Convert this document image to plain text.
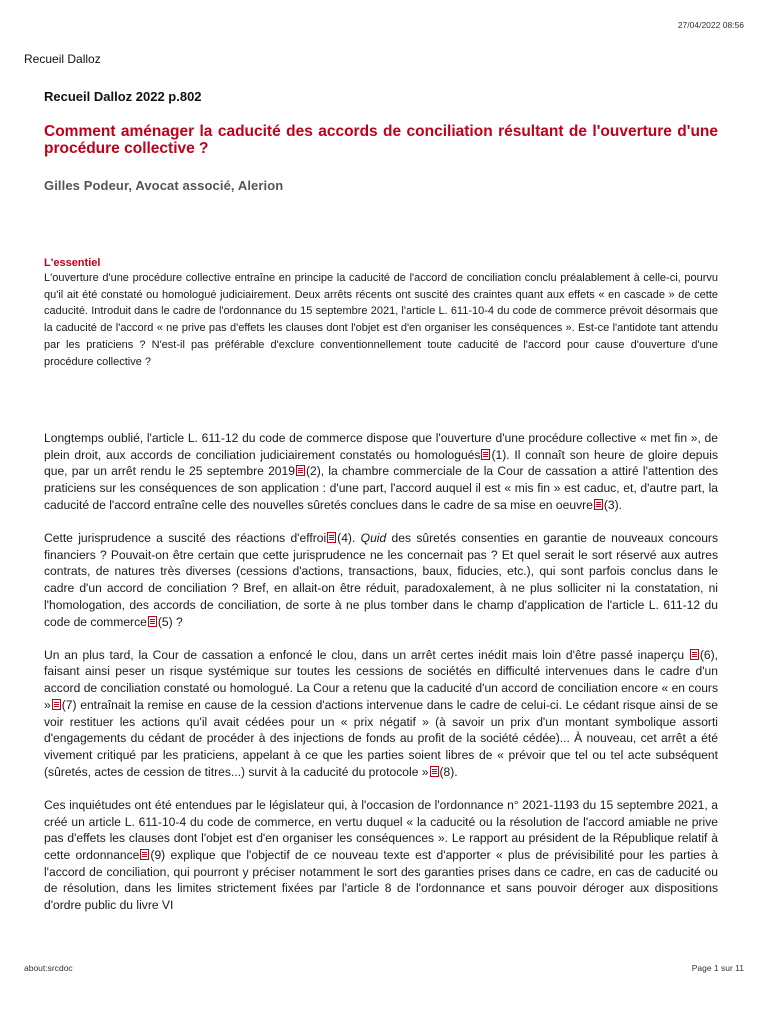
27/04/2022 08:56
Recueil Dalloz
Recueil Dalloz 2022 p.802
Comment aménager la caducité des accords de conciliation résultant de l'ouverture d'une procédure collective ?
Gilles Podeur, Avocat associé, Alerion
L'essentiel

L'ouverture d'une procédure collective entraîne en principe la caducité de l'accord de conciliation conclu préalablement à celle-ci, pourvu qu'il ait été constaté ou homologué judiciairement. Deux arrêts récents ont suscité des craintes quant aux effets « en cascade » de cette caducité. Introduit dans le cadre de l'ordonnance du 15 septembre 2021, l'article L. 611-10-4 du code de commerce prévoit désormais que la caducité de l'accord « ne prive pas d'effets les clauses dont l'objet est d'en organiser les conséquences ». Est-ce l'antidote tant attendu par les praticiens ? N'est-il pas préférable d'exclure conventionnellement toute caducité de l'accord pour cause d'ouverture d'une procédure collective ?

Longtemps oublié, l'article L. 611-12 du code de commerce dispose que l'ouverture d'une procédure collective « met fin », de plein droit, aux accords de conciliation judiciairement constatés ou homologués (1). Il connaît son heure de gloire depuis que, par un arrêt rendu le 25 septembre 2019 (2), la chambre commerciale de la Cour de cassation a attiré l'attention des praticiens sur les conséquences de son application : d'une part, l'accord auquel il est « mis fin » est caduc, et, d'autre part, la caducité de l'accord entraîne celle des nouvelles sûretés conclues dans le cadre de sa mise en oeuvre (3).

Cette jurisprudence a suscité des réactions d'effroi (4). Quid des sûretés consenties en garantie de nouveaux concours financiers ? Pouvait-on être certain que cette jurisprudence ne les concernait pas ? Et quel serait le sort réservé aux autres contrats, de natures très diverses (cessions d'actions, transactions, baux, fiducies, etc.), qui sont parfois conclus dans le cadre d'un accord de conciliation ? Bref, en allait-on être réduit, paradoxalement, à ne plus solliciter ni la constatation, ni l'homologation, des accords de conciliation, de sorte à ne plus tomber dans le champ d'application de l'article L. 611-12 du code de commerce (5) ?

Un an plus tard, la Cour de cassation a enfoncé le clou, dans un arrêt certes inédit mais loin d'être passé inaperçu (6), faisant ainsi peser un risque systémique sur toutes les cessions de sociétés en difficulté intervenues dans le cadre d'un accord de conciliation constaté ou homologué. La Cour a retenu que la caducité d'un accord de conciliation encore « en cours » (7) entraînait la remise en cause de la cession d'actions intervenue dans le cadre de celui-ci. Le cédant risque ainsi de se voir restituer les actions qu'il avait cédées pour un « prix négatif » (à savoir un prix d'un montant symbolique assorti d'engagements du cédant de procéder à des injections de fonds au profit de la société cédée)... À nouveau, cet arrêt a été vivement critiqué par les praticiens, appelant à ce que les parties soient libres de « prévoir que tel ou tel acte subséquent (sûretés, actes de cession de titres...) survit à la caducité du protocole » (8).

Ces inquiétudes ont été entendues par le législateur qui, à l'occasion de l'ordonnance n° 2021-1193 du 15 septembre 2021, a créé un article L. 611-10-4 du code de commerce, en vertu duquel « la caducité ou la résolution de l'accord amiable ne prive pas d'effets les clauses dont l'objet est d'en organiser les conséquences ». Le rapport au président de la République relatif à cette ordonnance (9) explique que l'objectif de ce nouveau texte est d'apporter « plus de prévisibilité pour les parties à l'accord de conciliation, qui pourront y préciser notamment le sort des garanties prises dans ce cadre, en cas de caducité ou de résolution, dans les limites strictement fixées par l'article 8 de l'ordonnance et sans pouvoir déroger aux dispositions d'ordre public du livre VI

about:srcdoc	Page 1 sur 11
